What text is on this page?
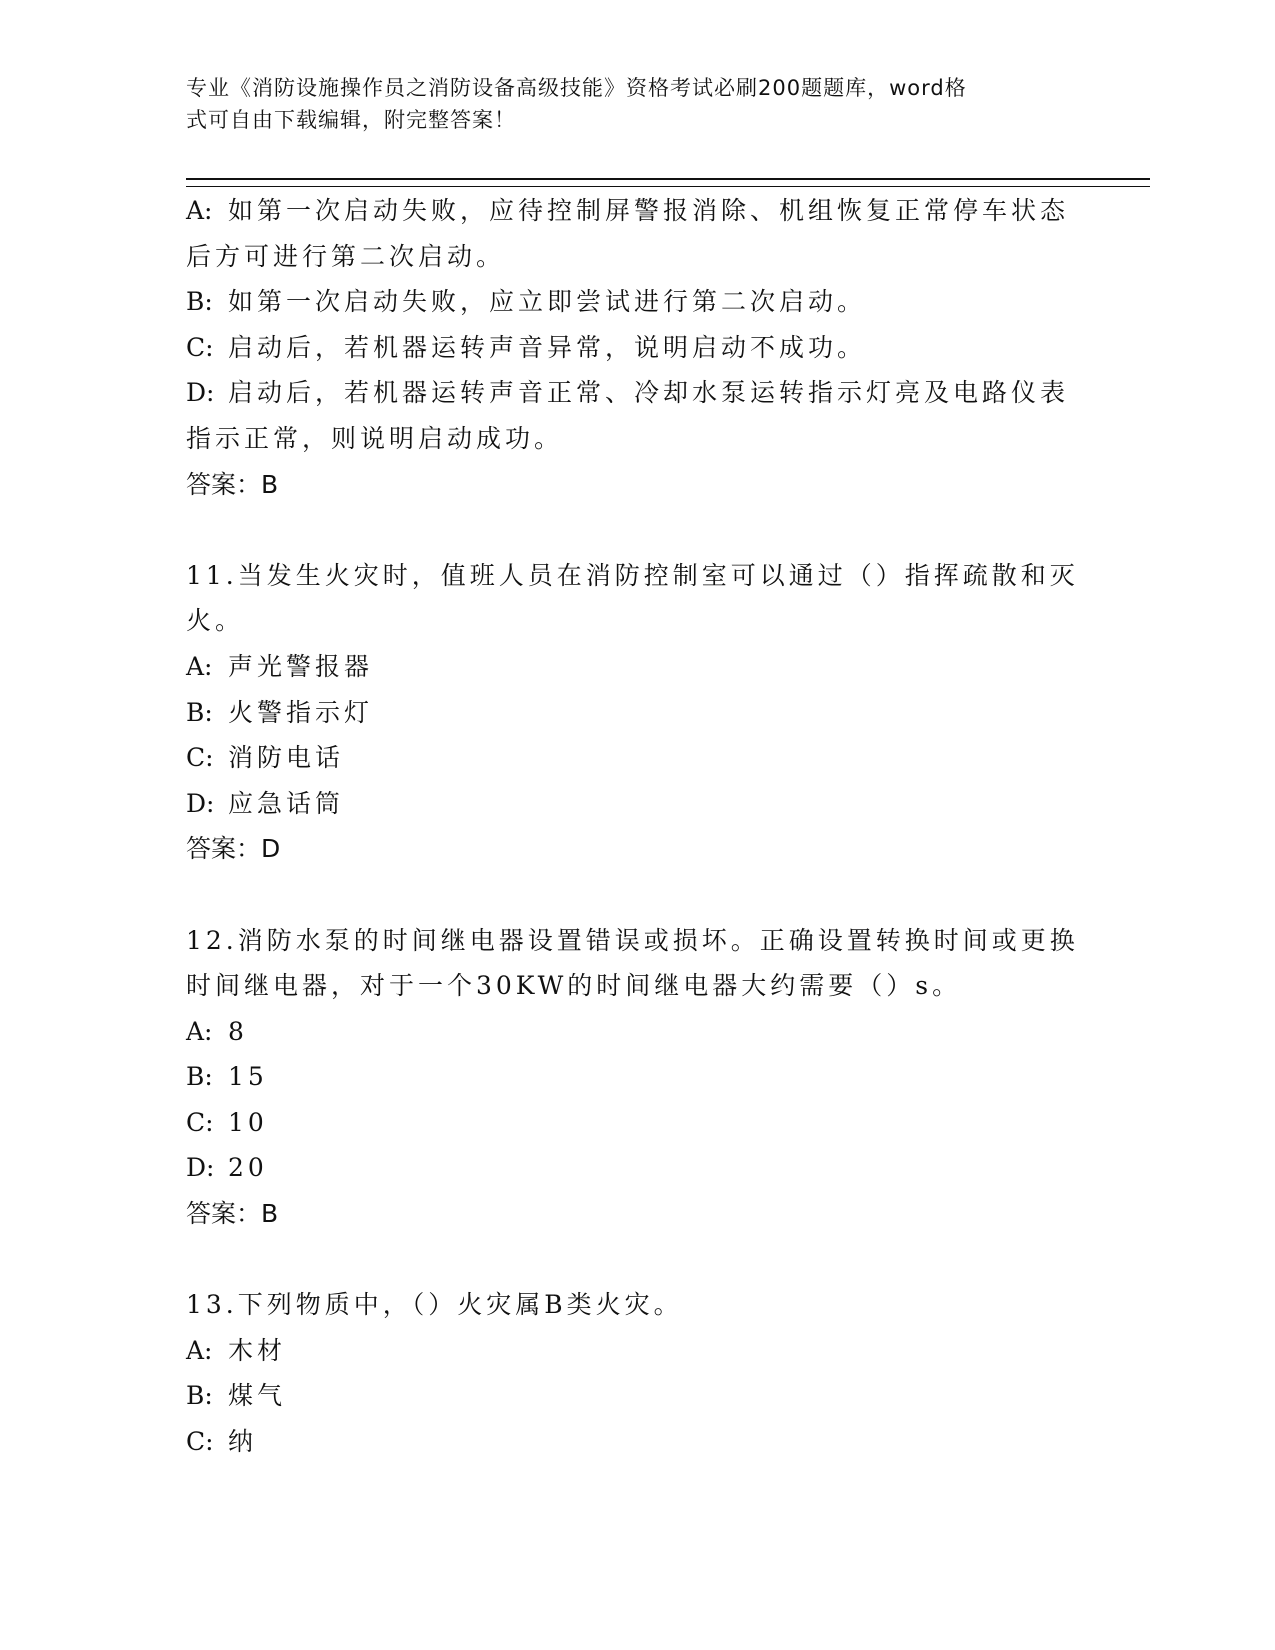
专业《消防设施操作员之消防设备高级技能》资格考试必刷200题题库，word格
式可自由下载编辑，附完整答案！

A: 如第一次启动失败，应待控制屏警报消除、机组恢复正常停车状态

后方可进行第二次启动。

B: 如第一次启动失败，应立即尝试进行第二次启动。

C: 启动后，若机器运转声音异常，说明启动不成功。

D: 启动后，若机器运转声音正常、冷却水泵运转指示灯亮及电路仪表

指示正常，则说明启动成功。

答案：B

11.当发生火灾时，值班人员在消防控制室可以通过（）指挥疏散和灭

火。

A: 声光警报器

B: 火警指示灯

C: 消防电话

D: 应急话筒

答案：D

12.消防水泵的时间继电器设置错误或损坏。正确设置转换时间或更换

时间继电器，对于一个30KW的时间继电器大约需要（）s。

A: 8

B: 15

C: 10

D: 20

答案：B

13.下列物质中，（）火灾属B类火灾。

A: 木材

B: 煤气

C: 纳
